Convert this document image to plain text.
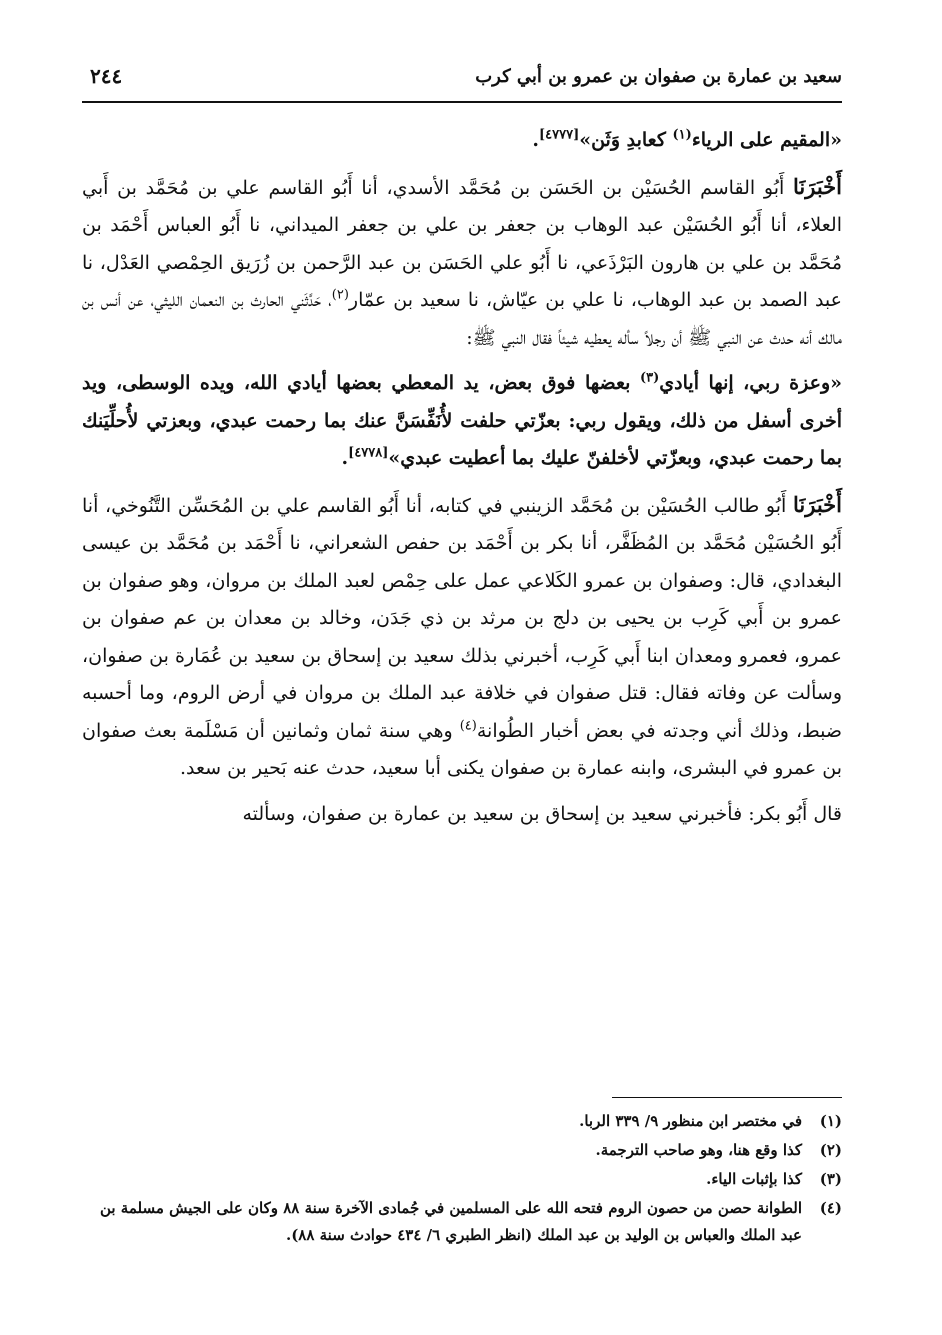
سعيد بن عمارة بن صفوان بن عمرو بن أبي كرب
٢٤٤

«المقيم على الرياء$^{(١)}$ كعابدِ وَثَن»[٤٧٧٧].

أَخْبَرَنَا أَبُو القاسم الحُسَيْن بن الحَسَن بن مُحَمَّد الأسدي، أنا أَبُو القاسم علي بن مُحَمَّد بن أَبي العلاء، أنا أَبُو الحُسَيْن عبد الوهاب بن جعفر بن علي بن جعفر الميداني، نا أَبُو العباس أَحْمَد بن مُحَمَّد بن علي بن هارون البَرْذَعي، نا أَبُو علي الحَسَن بن عبد الرَّحمن بن زُرَيق الحِمْصي العَدْل، نا عبد الصمد بن عبد الوهاب، نا علي بن عيّاش، نا سعيد بن عمّار$^{(٢)}$، حَدَّثَني الحارث بن النعمان الليثي، عن أنس بن مالك أنه حدث عن النبي ﷺ أن رجلاً سأله يعطيه شيئاً فقال النبي ﷺ:

«وعزة ربي، إنها أيادي$^{(٣)}$ بعضها فوق بعض، يد المعطي بعضها أيادي الله، ويده الوسطى، ويد أخرى أسفل من ذلك، ويقول ربي: بعزّتي حلفت لأُنَفِّسَنَّ عنك بما رحمت عبدي، وبعزتي لأُحلِّيَنك بما رحمت عبدي، وبعزّتي لأخلفنّ عليك بما أعطيت عبدي»[٤٧٧٨].

أَخْبَرَنَا أَبُو طالب الحُسَيْن بن مُحَمَّد الزينبي في كتابه، أنا أَبُو القاسم علي بن المُحَسِّن التَّنُوخي، أنا أَبُو الحُسَيْن مُحَمَّد بن المُظَفَّر، أنا بكر بن أَحْمَد بن حفص الشعراني، نا أَحْمَد بن مُحَمَّد بن عيسى البغدادي، قال: وصفوان بن عمرو الكَلاعي عمل على حِمْص لعبد الملك بن مروان، وهو صفوان بن عمرو بن أَبي كَرِب بن يحيى بن دلج بن مرثد بن ذي جَدَن، وخالد بن معدان بن عم صفوان بن عمرو، فعمرو ومعدان ابنا أَبي كَرِب، أخبرني بذلك سعيد بن إسحاق بن سعيد بن عُمَارة بن صفوان، وسألت عن وفاته فقال: قتل صفوان في خلافة عبد الملك بن مروان في أرض الروم، وما أحسبه ضبط، وذلك أني وجدته في بعض أخبار الطُوانة$^{(٤)}$ وهي سنة ثمان وثمانين أن مَسْلَمة بعث صفوان بن عمرو في البشرى، وابنه عمارة بن صفوان يكنى أبا سعيد، حدث عنه بَحير بن سعد.

قال أَبُو بكر: فأخبرني سعيد بن إسحاق بن سعيد بن عمارة بن صفوان، وسألته

(١)
في مختصر ابن منظور ٩/ ٣٣٩ الربا.
(٢)
كذا وقع هنا، وهو صاحب الترجمة.
(٣)
كذا بإثبات الياء.
(٤)
الطوانة حصن من حصون الروم فتحه الله على المسلمين في جُمادى الآخرة سنة ٨٨ وكان على الجيش مسلمة بن عبد الملك والعباس بن الوليد بن عبد الملك (انظر الطبري ٦/ ٤٣٤ حوادث سنة ٨٨).
